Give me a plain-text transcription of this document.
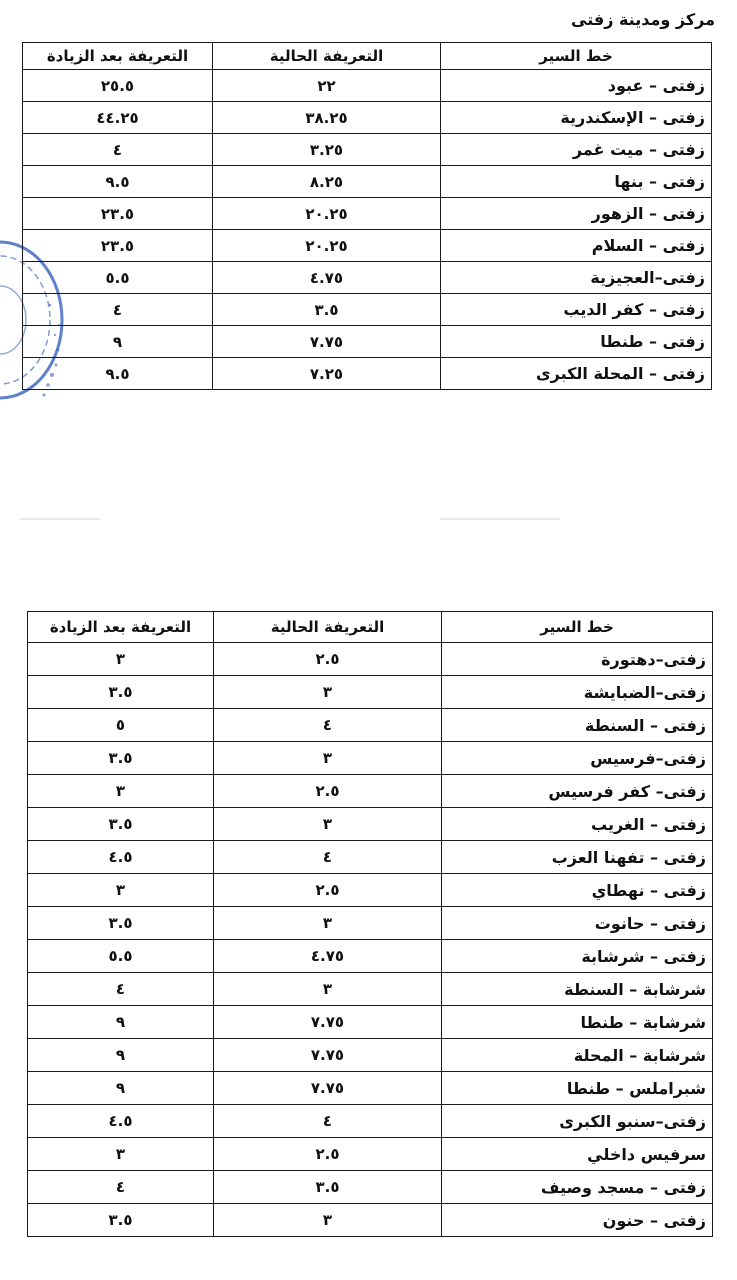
مركز ومدينة زفتى
خط السير	التعريفة الحالية	التعريفة بعد الزيادة
زفتى – عبود	٢٢	٢٥.٥
زفتى – الإسكندرية	٣٨.٢٥	٤٤.٢٥
زفتى – ميت غمر	٣.٢٥	٤
زفتى – بنها	٨.٢٥	٩.٥
زفتى – الزهور	٢٠.٢٥	٢٣.٥
زفتى – السلام	٢٠.٢٥	٢٣.٥
زفتى–العجيزية	٤.٧٥	٥.٥
زفتى – كفر الديب	٣.٥	٤
زفتى – طنطا	٧.٧٥	٩
زفتى – المحلة الكبرى	٧.٢٥	٩.٥
خط السير	التعريفة الحالية	التعريفة بعد الزيادة
زفتى–دهتورة	٢.٥	٣
زفتى–الضبايشة	٣	٣.٥
زفتى – السنطة	٤	٥
زفتى–فرسيس	٣	٣.٥
زفتى– كفر فرسيس	٢.٥	٣
زفتى – الغريب	٣	٣.٥
زفتى – تفهنا العزب	٤	٤.٥
زفتى – نهطاي	٢.٥	٣
زفتى – حانوت	٣	٣.٥
زفتى – شرشابة	٤.٧٥	٥.٥
شرشابة – السنطة	٣	٤
شرشابة – طنطا	٧.٧٥	٩
شرشابة – المحلة	٧.٧٥	٩
شبراملس – طنطا	٧.٧٥	٩
زفتى–سنبو الكبرى	٤	٤.٥
سرفيس داخلي	٢.٥	٣
زفتى – مسجد وصيف	٣.٥	٤
زفتى – حنون	٣	٣.٥
